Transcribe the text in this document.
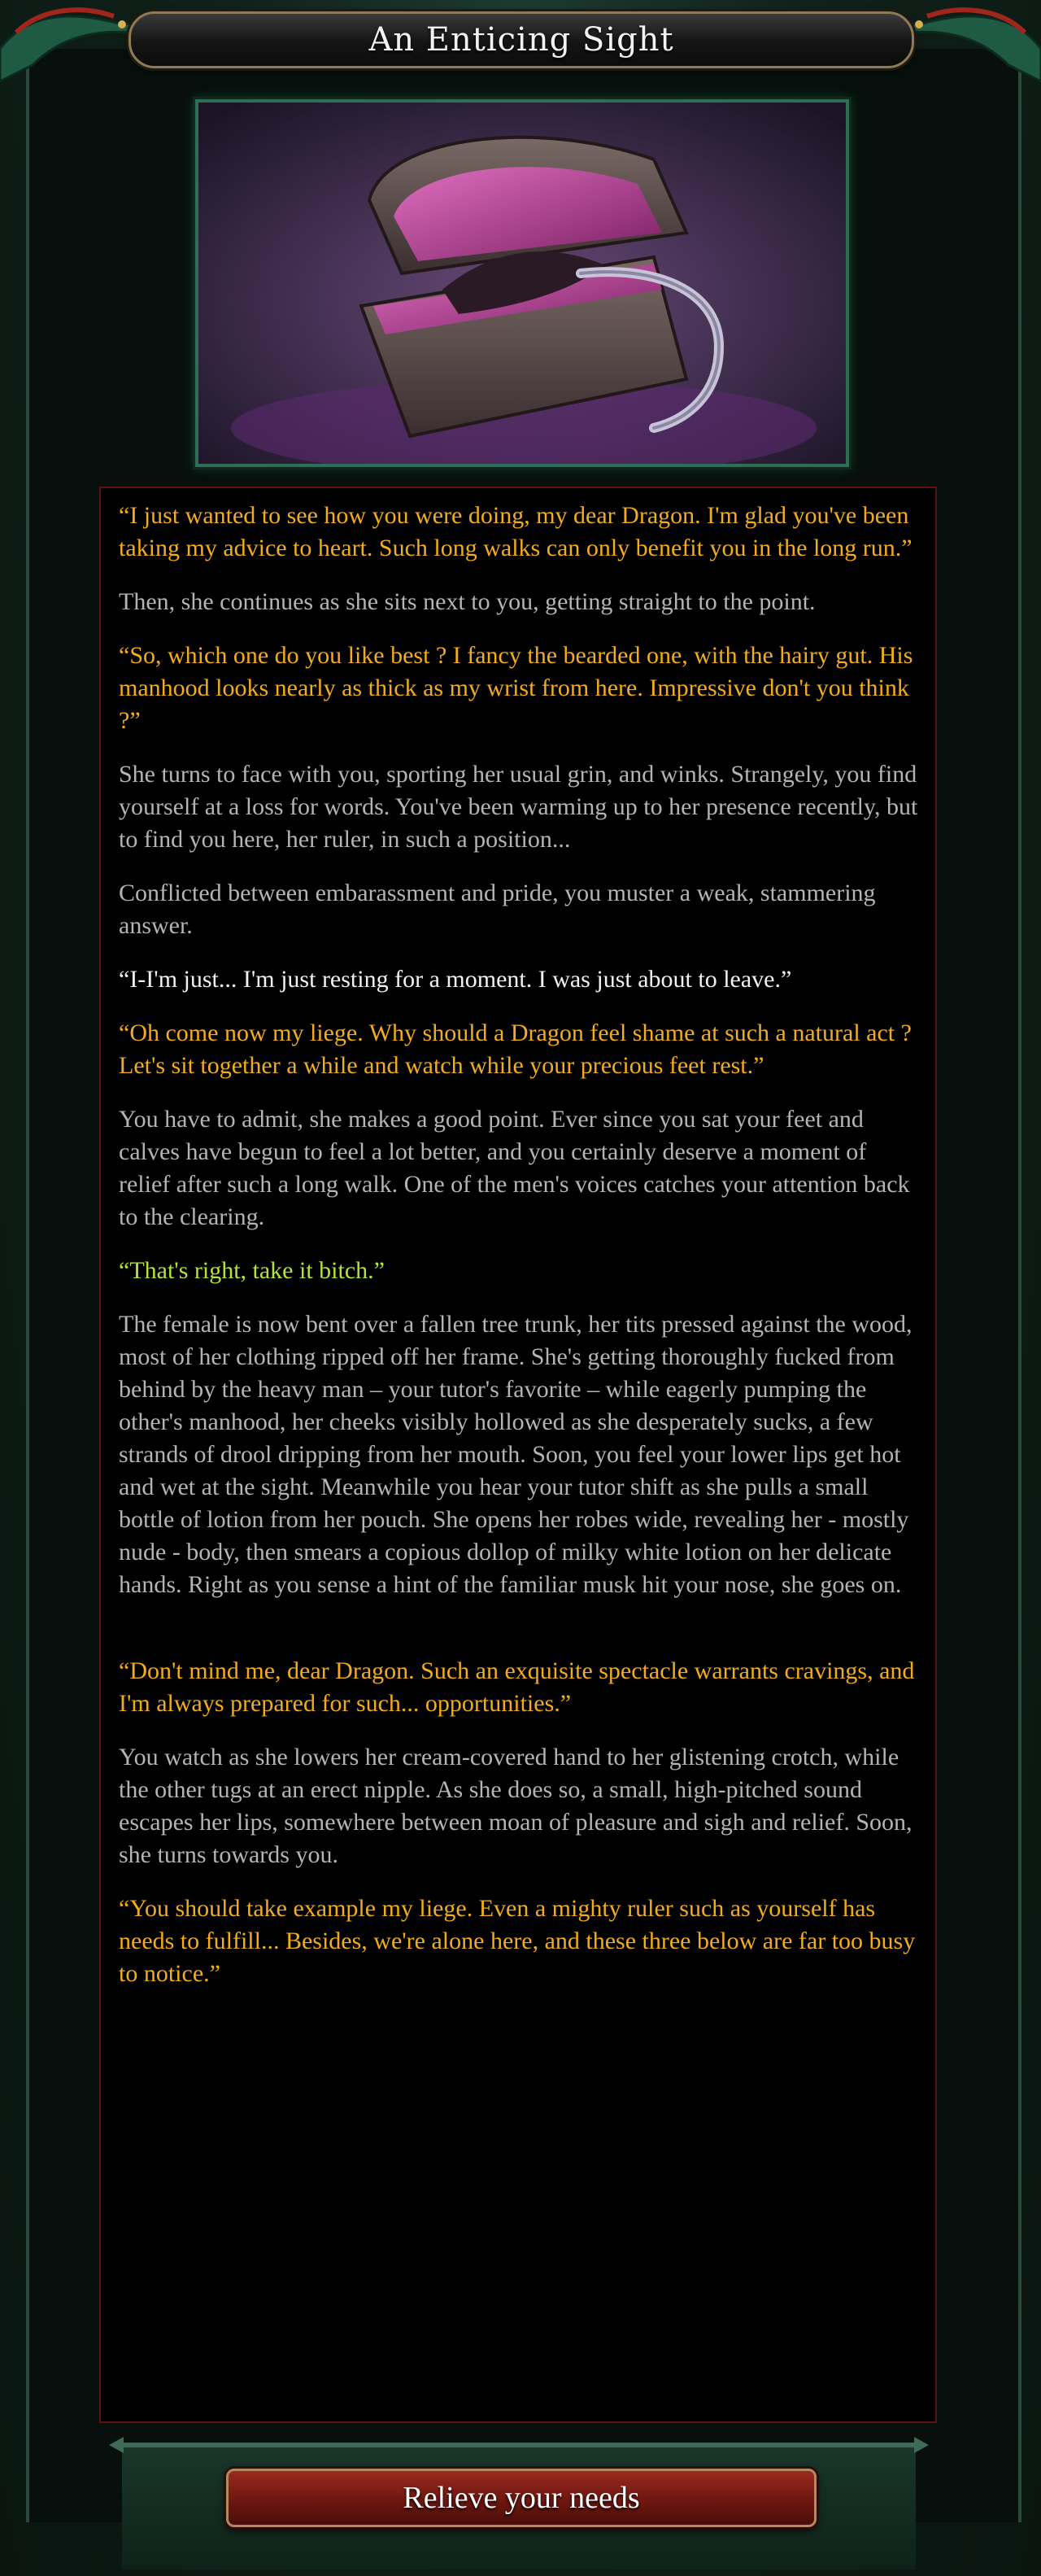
An Enticing Sight

“I just wanted to see how you were doing, my dear Dragon. I'm glad you've been taking my advice to heart. Such long walks can only benefit you in the long run.”

Then, she continues as she sits next to you, getting straight to the point.

“So, which one do you like best ? I fancy the bearded one, with the hairy gut. His manhood looks nearly as thick as my wrist from here. Impressive don't you think ?”

She turns to face with you, sporting her usual grin, and winks. Strangely, you find yourself at a loss for words. You've been warming up to her presence recently, but to find you here, her ruler, in such a position...

Conflicted between embarassment and pride, you muster a weak, stammering answer.

“I-I'm just... I'm just resting for a moment. I was just about to leave.”

“Oh come now my liege. Why should a Dragon feel shame at such a natural act ? Let's sit together a while and watch while your precious feet rest.”

You have to admit, she makes a good point. Ever since you sat your feet and calves have begun to feel a lot better, and you certainly deserve a moment of relief after such a long walk. One of the men's voices catches your attention back to the clearing.

“That's right, take it bitch.”

The female is now bent over a fallen tree trunk, her tits pressed against the wood, most of her clothing ripped off her frame. She's getting thoroughly fucked from behind by the heavy man – your tutor's favorite – while eagerly pumping the other's manhood, her cheeks visibly hollowed as she desperately sucks, a few strands of drool dripping from her mouth. Soon, you feel your lower lips get hot and wet at the sight. Meanwhile you hear your tutor shift as she pulls a small bottle of lotion from her pouch. She opens her robes wide, revealing her - mostly nude - body, then smears a copious dollop of milky white lotion on her delicate hands. Right as you sense a hint of the familiar musk hit your nose, she goes on.

“Don't mind me, dear Dragon. Such an exquisite spectacle warrants cravings, and I'm always prepared for such... opportunities.”

You watch as she lowers her cream-covered hand to her glistening crotch, while the other tugs at an erect nipple. As she does so, a small, high-pitched sound escapes her lips, somewhere between moan of pleasure and sigh and relief. Soon, she turns towards you.

“You should take example my liege. Even a mighty ruler such as yourself has needs to fulfill... Besides, we're alone here, and these three below are far too busy to notice.”

Relieve your needs
